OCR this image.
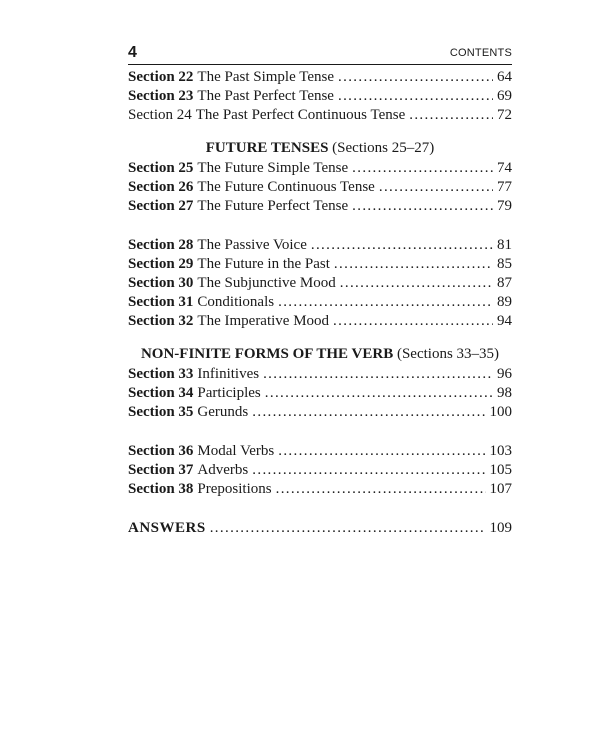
4	CONTENTS
Section 22 The Past Simple Tense . . .	64
Section 23 The Past Perfect Tense . . .	69
Section 24 The Past Perfect Continuous Tense . . .	72
FUTURE TENSES (Sections 25–27)
Section 25 The Future Simple Tense . . .	74
Section 26 The Future Continuous Tense . . .	77
Section 27 The Future Perfect Tense . . .	79
Section 28 The Passive Voice . . .	81
Section 29 The Future in the Past . . .	85
Section 30 The Subjunctive Mood . . .	87
Section 31 Conditionals . . .	89
Section 32 The Imperative Mood . . .	94
NON-FINITE FORMS OF THE VERB (Sections 33–35)
Section 33 Infinitives . . .	96
Section 34 Participles . . .	98
Section 35 Gerunds . . .	100
Section 36 Modal Verbs . . .	103
Section 37 Adverbs . . .	105
Section 38 Prepositions . . .	107
ANSWERS . . .	109
